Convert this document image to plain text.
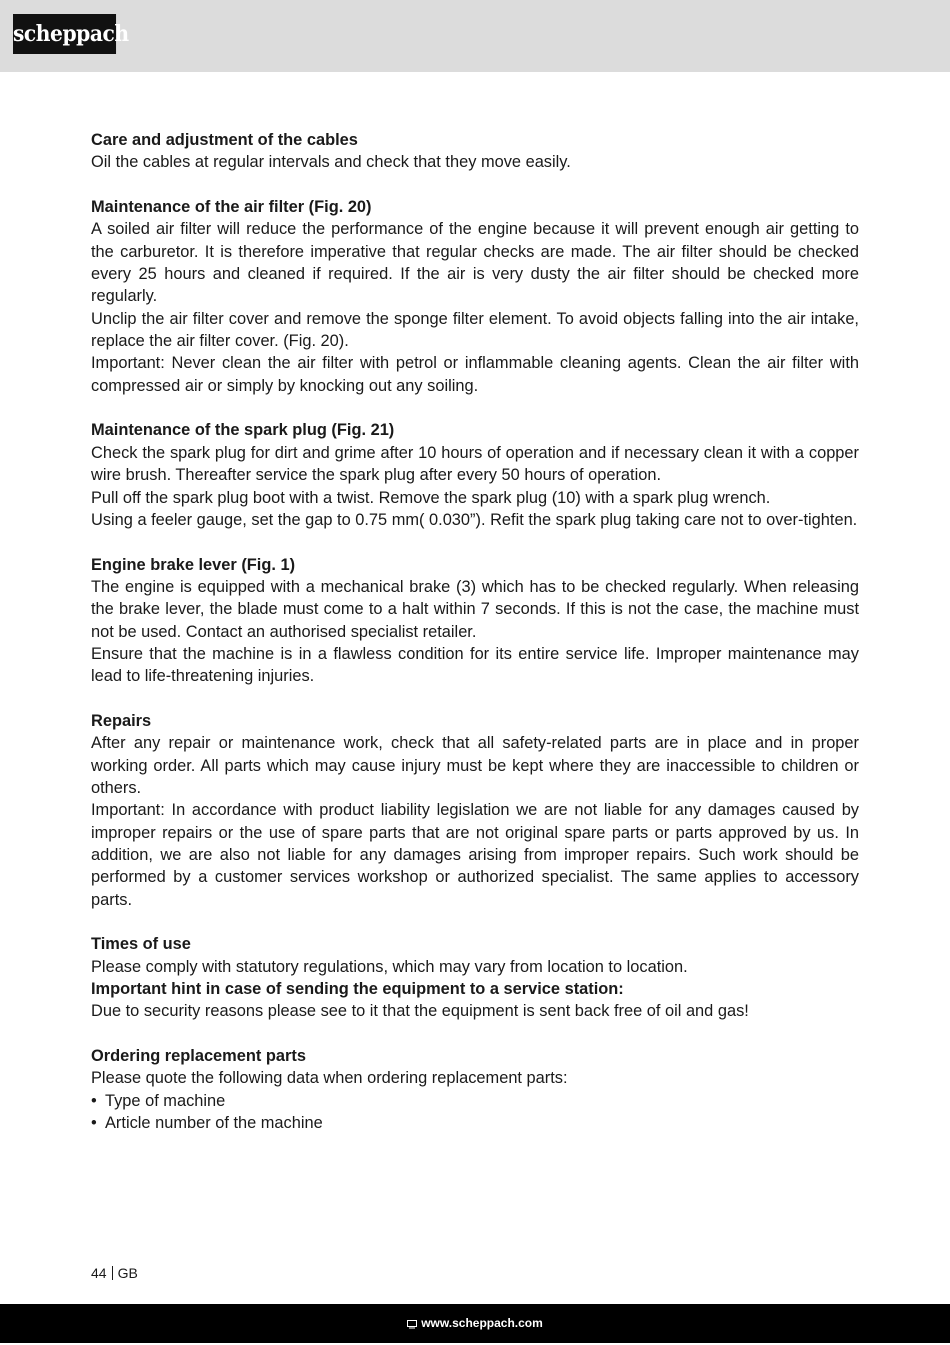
scheppach
Care and adjustment of the cables
Oil the cables at regular intervals and check that they move easily.
Maintenance of the air filter (Fig. 20)
A soiled air filter will reduce the performance of the engine because it will prevent enough air getting to the carburetor. It is therefore imperative that regular checks are made. The air filter should be checked every 25 hours and cleaned if required. If the air is very dusty the air filter should be checked more regularly.
Unclip the air filter cover and remove the sponge filter element. To avoid objects falling into the air intake, replace the air filter cover. (Fig. 20).
Important: Never clean the air filter with petrol or inflammable cleaning agents. Clean the air filter with compressed air or simply by knocking out any soiling.
Maintenance of the spark plug (Fig. 21)
Check the spark plug for dirt and grime after 10 hours of operation and if necessary clean it with a copper wire brush. Thereafter service the spark plug after every 50 hours of operation.
Pull off the spark plug boot with a twist. Remove the spark plug (10) with a spark plug wrench.
Using a feeler gauge, set the gap to 0.75 mm( 0.030”). Refit the spark plug taking care not to over-tighten.
Engine brake lever (Fig. 1)
The engine is equipped with a mechanical brake (3) which has to be checked regularly. When releasing the brake lever, the blade must come to a halt within 7 seconds. If this is not the case, the machine must not be used. Contact an authorised specialist retailer.
Ensure that the machine is in a flawless condition for its entire service life. Improper maintenance may lead to life-threatening injuries.
Repairs
After any repair or maintenance work, check that all safety-related parts are in place and in proper working order. All parts which may cause injury must be kept where they are inaccessible to children or others.
Important: In accordance with product liability legislation we are not liable for any damages caused by improper repairs or the use of spare parts that are not original spare parts or parts approved by us. In addition, we are also not liable for any damages arising from improper repairs. Such work should be performed by a customer services workshop or authorized specialist. The same applies to accessory parts.
Times of use
Please comply with statutory regulations, which may vary from location to location.
Important hint in case of sending the equipment to a service station:
Due to security reasons please see to it that the equipment is sent back free of oil and gas!
Ordering replacement parts
Please quote the following data when ordering replacement parts:
• Type of machine
• Article number of the machine
44 GB
www.scheppach.com
